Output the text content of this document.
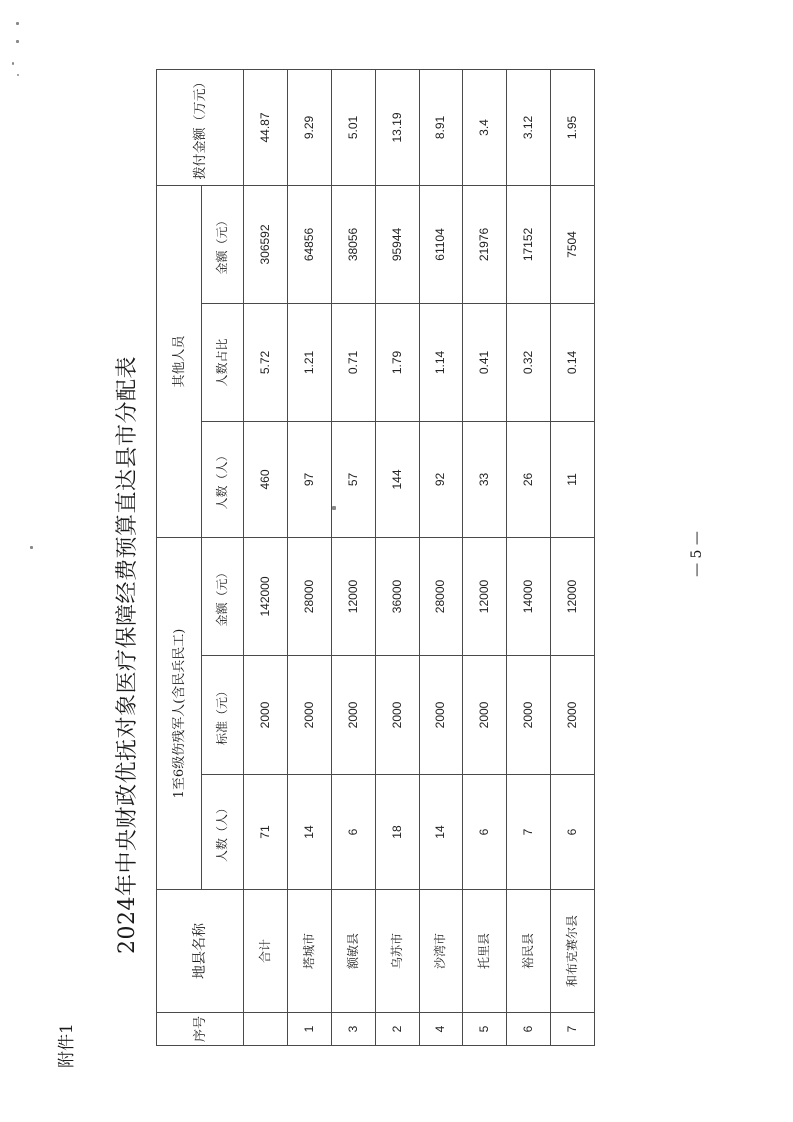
附件1
2024年中央财政优抚对象医疗保障经费预算直达县市分配表	— 5 —
序号	地县名称	1至6级伤残军人(含民兵民工)			其他人员			拨付金额（万元）
		人数（人）	标准（元）	金额（元）	人数（人）	人数占比	金额（元）	
	合计	71	2000	142000	460	5.72	306592	44.87
1	塔城市	14	2000	28000	97	1.21	64856	9.29
3	额敏县	6	2000	12000	57	0.71	38056	5.01
2	乌苏市	18	2000	36000	144	1.79	95944	13.19
4	沙湾市	14	2000	28000	92	1.14	61104	8.91
5	托里县	6	2000	12000	33	0.41	21976	3.4
6	裕民县	7	2000	14000	26	0.32	17152	3.12
7	和布克赛尔县	6	2000	12000	11	0.14	7504	1.95
